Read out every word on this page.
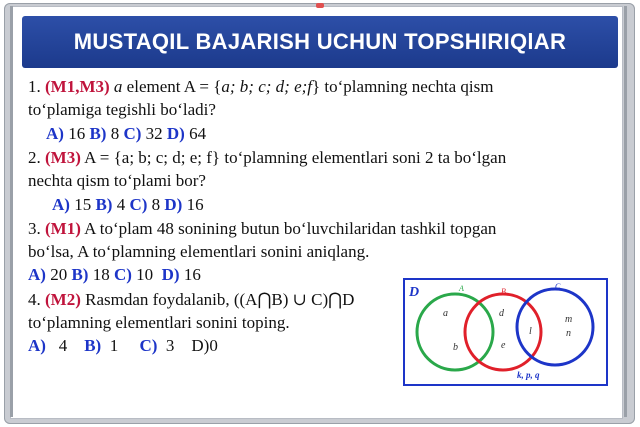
MUSTAQIL BAJARISH UCHUN TOPSHIRIQlAR
1. (M1,M3) a element A = {a; b; c; d; e;f} to‘plamning nechta qism
to‘plamiga tegishli bo‘ladi?
A) 16 B) 8 C) 32 D) 64
2. (M3) A = {a; b; c; d; e; f} to‘plamning elementlari soni 2 ta bo‘lgan
nechta qism to‘plami bor?
A) 15 B) 4 C) 8 D) 16
3. (M1) A to‘plam 48 sonining butun bo‘luvchilaridan tashkil topgan
bo‘lsa, A to‘plamning elementlari sonini aniqlang.
A) 20 B) 18 C) 10 D) 16
4. (M2) Rasmdan foydalanib, ((A⋂B) ∪ C)⋂D
to‘plamning elementlari sonini toping.
A) 4 B) 1 C) 3 D)0
D	A	B
C
a
b
d
e
l
m
n
k, p, q
